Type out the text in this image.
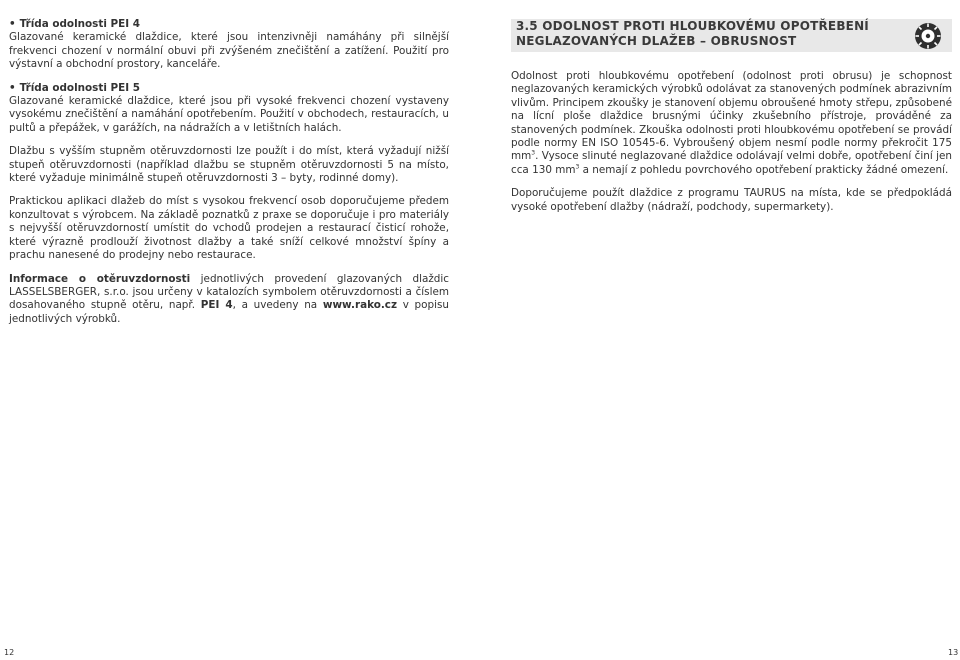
• Třída odolnosti PEI 4

Glazované keramické dlaždice, které jsou intenzivněji namáhány při silnější frekvenci chození v normální obuvi při zvýšeném znečištění a zatížení. Použití pro výstavní a obchodní prostory, kanceláře.

• Třída odolnosti PEI 5

Glazované keramické dlaždice, které jsou při vysoké frekvenci chození vystaveny vysokému znečištění a namáhání opotřebením. Použití v obchodech, restauracích, u pultů a přepážek, v garážích, na nádražích a v letištních halách.

Dlažbu s vyšším stupněm otěruvzdornosti lze použít i do míst, která vyžadují nižší stupeň otěruvzdornosti (například dlažbu se stupněm otěruvzdornosti 5 na místo, které vyžaduje minimálně stupeň otěruvzdornosti 3 – byty, rodinné domy).

Praktickou aplikaci dlažeb do míst s vysokou frekvencí osob doporučujeme předem konzultovat s výrobcem. Na základě poznatků z praxe se doporučuje i pro materiály s nejvyšší otěruvzdorností umístit do vchodů prodejen a restaurací čisticí rohože, které výrazně prodlouží životnost dlažby a také sníží celkové množství špíny a prachu nanesené do prodejny nebo restaurace.

Informace o otěruvzdornosti jednotlivých provedení glazovaných dlaždic LASSELSBERGER, s.r.o. jsou určeny v katalozích symbolem otěruvzdornosti a číslem dosahovaného stupně otěru, např. PEI 4, a uvedeny na www.rako.cz v popisu jednotlivých výrobků.

3.5 ODOLNOST PROTI HLOUBKOVÉMU OPOTŘEBENÍ NEGLAZOVANÝCH DLAŽEB – OBRUSNOST

Odolnost proti hloubkovému opotřebení (odolnost proti obrusu) je schopnost neglazovaných keramických výrobků odolávat za stanovených podmínek abrazivním vlivům. Principem zkoušky je stanovení objemu obroušené hmoty střepu, způsobené na lícní ploše dlaždice brusnými účinky zkušebního přístroje, prováděné za stanovených podmínek. Zkouška odolnosti proti hloubkovému opotřebení se provádí podle normy EN ISO 10545-6. Vybroušený objem nesmí podle normy překročit 175 $mm^3$. Vysoce slinuté neglazované dlaždice odolávají velmi dobře, opotřebení činí jen cca 130 $mm^3$ a nemají z pohledu povrchového opotřebení prakticky žádné omezení.

Doporučujeme použít dlaždice z programu TAURUS na místa, kde se předpokládá vysoké opotřebení dlažby (nádraží, podchody, supermarkety).

12	13
